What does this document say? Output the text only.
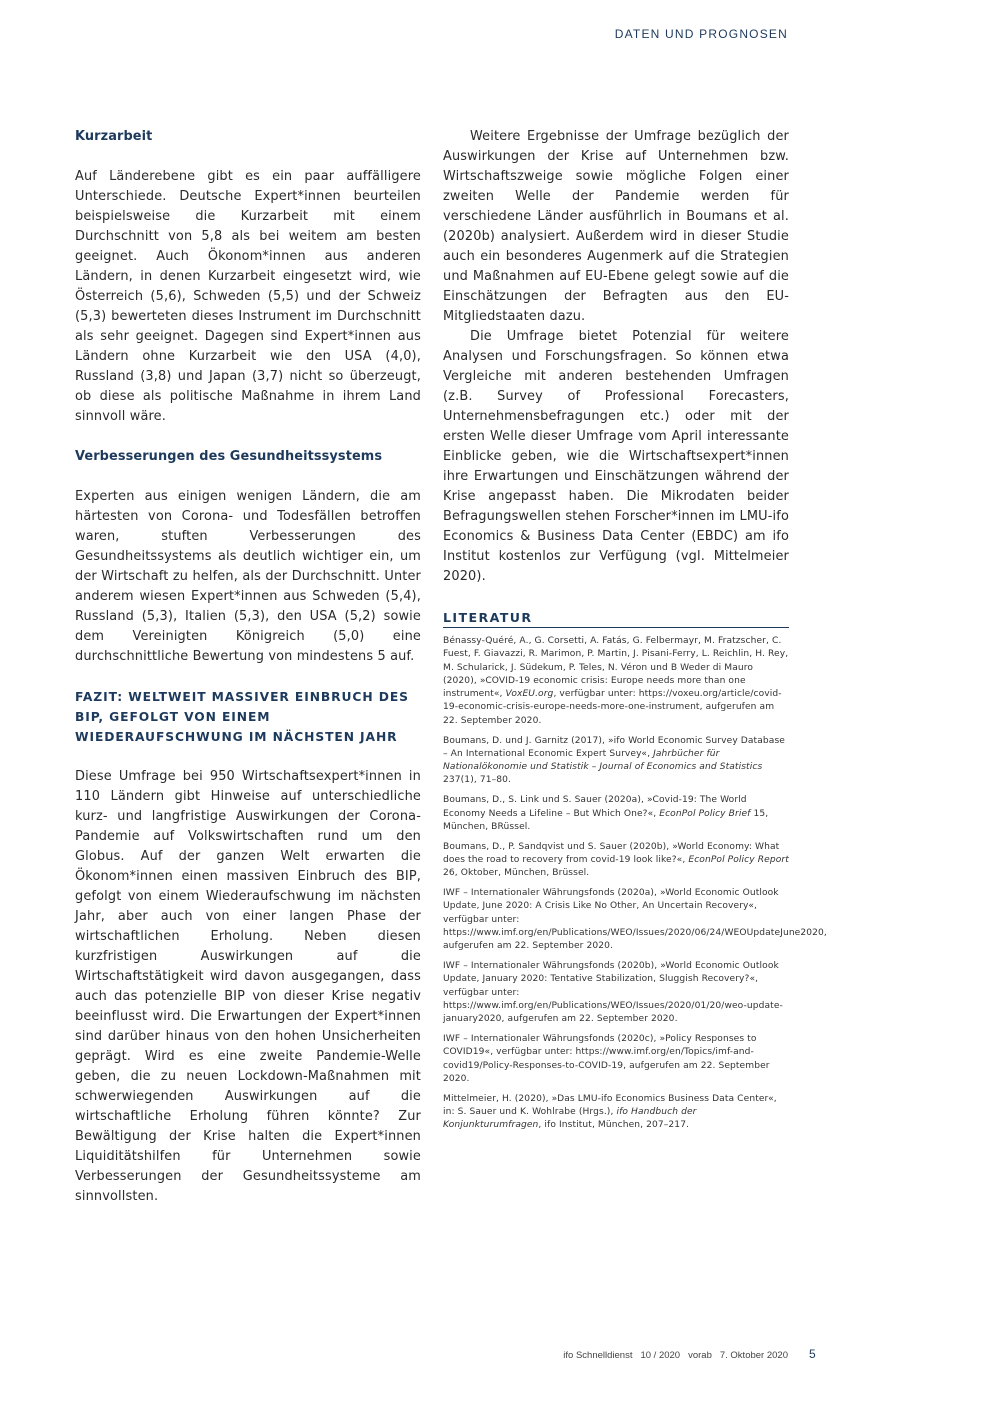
DATEN UND PROGNOSEN

Kurzarbeit

Auf Länderebene gibt es ein paar auffälligere Unterschiede. Deutsche Expert*innen beurteilen beispielsweise die Kurzarbeit mit einem Durchschnitt von 5,8 als bei weitem am besten geeignet. Auch Ökonom*innen aus anderen Ländern, in denen Kurzarbeit eingesetzt wird, wie Österreich (5,6), Schweden (5,5) und der Schweiz (5,3) bewerteten dieses Instrument im Durchschnitt als sehr geeignet. Dagegen sind Expert*innen aus Ländern ohne Kurzarbeit wie den USA (4,0), Russland (3,8) und Japan (3,7) nicht so überzeugt, ob diese als politische Maßnahme in ihrem Land sinnvoll wäre.

Verbesserungen des Gesundheitssystems

Experten aus einigen wenigen Ländern, die am härtesten von Corona- und Todesfällen betroffen waren, stuften Verbesserungen des Gesundheitssystems als deutlich wichtiger ein, um der Wirtschaft zu helfen, als der Durchschnitt. Unter anderem wiesen Expert*innen aus Schweden (5,4), Russland (5,3), Italien (5,3), den USA (5,2) sowie dem Vereinigten Königreich (5,0) eine durchschnittliche Bewertung von mindestens 5 auf.

FAZIT: WELTWEIT MASSIVER EINBRUCH DES BIP, GEFOLGT VON EINEM WIEDERAUFSCHWUNG IM NÄCHSTEN JAHR

Diese Umfrage bei 950 Wirtschaftsexpert*innen in 110 Ländern gibt Hinweise auf unterschiedliche kurz- und langfristige Auswirkungen der Corona-Pandemie auf Volkswirtschaften rund um den Globus. Auf der ganzen Welt erwarten die Ökonom*innen einen massiven Einbruch des BIP, gefolgt von einem Wiederaufschwung im nächsten Jahr, aber auch von einer langen Phase der wirtschaftlichen Erholung. Neben diesen kurzfristigen Auswirkungen auf die Wirtschaftstätigkeit wird davon ausgegangen, dass auch das potenzielle BIP von dieser Krise negativ beeinflusst wird. Die Erwartungen der Expert*innen sind darüber hinaus von den hohen Unsicherheiten geprägt. Wird es eine zweite Pandemie-Welle geben, die zu neuen Lockdown-Maßnahmen mit schwerwiegenden Auswirkungen auf die wirtschaftliche Erholung führen könnte? Zur Bewältigung der Krise halten die Expert*innen Liquiditätshilfen für Unternehmen sowie Verbesserungen der Gesundheitssysteme am sinnvollsten.

Weitere Ergebnisse der Umfrage bezüglich der Auswirkungen der Krise auf Unternehmen bzw. Wirtschaftszweige sowie mögliche Folgen einer zweiten Welle der Pandemie werden für verschiedene Länder ausführlich in Boumans et al. (2020b) analysiert. Außerdem wird in dieser Studie auch ein besonderes Augenmerk auf die Strategien und Maßnahmen auf EU-Ebene gelegt sowie auf die Einschätzungen der Befragten aus den EU-Mitgliedstaaten dazu.

Die Umfrage bietet Potenzial für weitere Analysen und Forschungsfragen. So können etwa Vergleiche mit anderen bestehenden Umfragen (z.B. Survey of Professional Forecasters, Unternehmensbefragungen etc.) oder mit der ersten Welle dieser Umfrage vom April interessante Einblicke geben, wie die Wirtschaftsexpert*innen ihre Erwartungen und Einschätzungen während der Krise angepasst haben. Die Mikrodaten beider Befragungswellen stehen Forscher*innen im LMU-ifo Economics & Business Data Center (EBDC) am ifo Institut kostenlos zur Verfügung (vgl. Mittelmeier 2020).

LITERATUR

Bénassy-Quéré, A., G. Corsetti, A. Fatás, G. Felbermayr, M. Fratzscher, C. Fuest, F. Giavazzi, R. Marimon, P. Martin, J. Pisani-Ferry, L. Reichlin, H. Rey, M. Schularick, J. Südekum, P. Teles, N. Véron und B Weder di Mauro (2020), »COVID-19 economic crisis: Europe needs more than one instrument«, VoxEU.org, verfügbar unter: https://voxeu.org/article/covid-19-economic-crisis-europe-needs-more-one-instrument, aufgerufen am 22. September 2020.

Boumans, D. und J. Garnitz (2017), »ifo World Economic Survey Database – An International Economic Expert Survey«, Jahrbücher für Nationalökonomie und Statistik – Journal of Economics and Statistics 237(1), 71–80.

Boumans, D., S. Link und S. Sauer (2020a), »Covid-19: The World Economy Needs a Lifeline – But Which One?«, EconPol Policy Brief 15, München, BRüssel.

Boumans, D., P. Sandqvist und S. Sauer (2020b), »World Economy: What does the road to recovery from covid-19 look like?«, EconPol Policy Report 26, Oktober, München, Brüssel.

IWF – Internationaler Währungsfonds (2020a), »World Economic Outlook Update, June 2020: A Crisis Like No Other, An Uncertain Recovery«, verfügbar unter: https://www.imf.org/en/Publications/WEO/Issues/2020/06/24/WEOUpdateJune2020, aufgerufen am 22. September 2020.

IWF – Internationaler Währungsfonds (2020b), »World Economic Outlook Update, January 2020: Tentative Stabilization, Sluggish Recovery?«, verfügbar unter: https://www.imf.org/en/Publications/WEO/Issues/2020/01/20/weo-update-january2020, aufgerufen am 22. September 2020.

IWF – Internationaler Währungsfonds (2020c), »Policy Responses to COVID19«, verfügbar unter: https://www.imf.org/en/Topics/imf-and-covid19/Policy-Responses-to-COVID-19, aufgerufen am 22. September 2020.

Mittelmeier, H. (2020), »Das LMU-ifo Economics Business Data Center«, in: S. Sauer und K. Wohlrabe (Hrgs.), ifo Handbuch der Konjunkturumfragen, ifo Institut, München, 207–217.

ifo Schnelldienst 10 / 2020 vorab 7. Oktober 2020 5
